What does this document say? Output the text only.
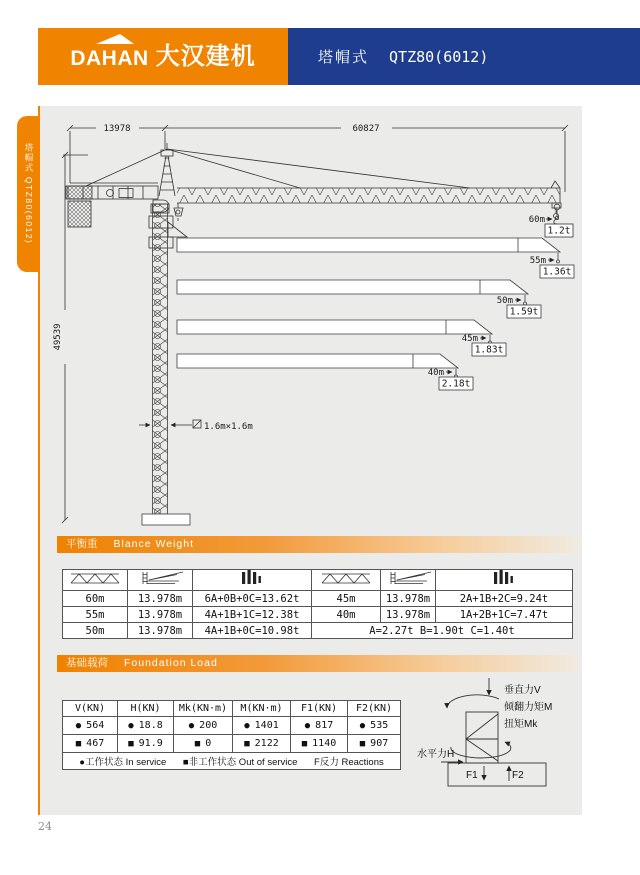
DAHAN 大汉建机	塔帽式 QTZ80(6012)
塔帽式 QTZ80(6012)
13978	60827
49539
1.6m×1.6m
60m
1.2t
55m
1.36t
50m
1.59t
45m
1.83t
40m
2.18t
平衡重 Blance Weight

60m	13.978m	6A+0B+0C=13.62t	45m	13.978m	2A+1B+2C=9.24t
55m	13.978m	4A+1B+1C=12.38t	40m	13.978m	1A+2B+1C=7.47t
50m	13.978m	4A+1B+0C=10.98t	A=2.27t B=1.90t C=1.40t		
基础载荷 Foundation Load
V(KN)	H(KN)	Mk(KN·m)	M(KN·m)	F1(KN)	F2(KN)
● 564	● 18.8	● 200	● 1401	● 817	● 535
■ 467	■ 91.9	■ 0	■ 2122	■ 1140	■ 907
●工作状态 In service ■非工作状态 Out of service F反力 Reactions					
垂直力V
倾翻力矩M
扭矩Mk
水平力H
F1	F2
24
